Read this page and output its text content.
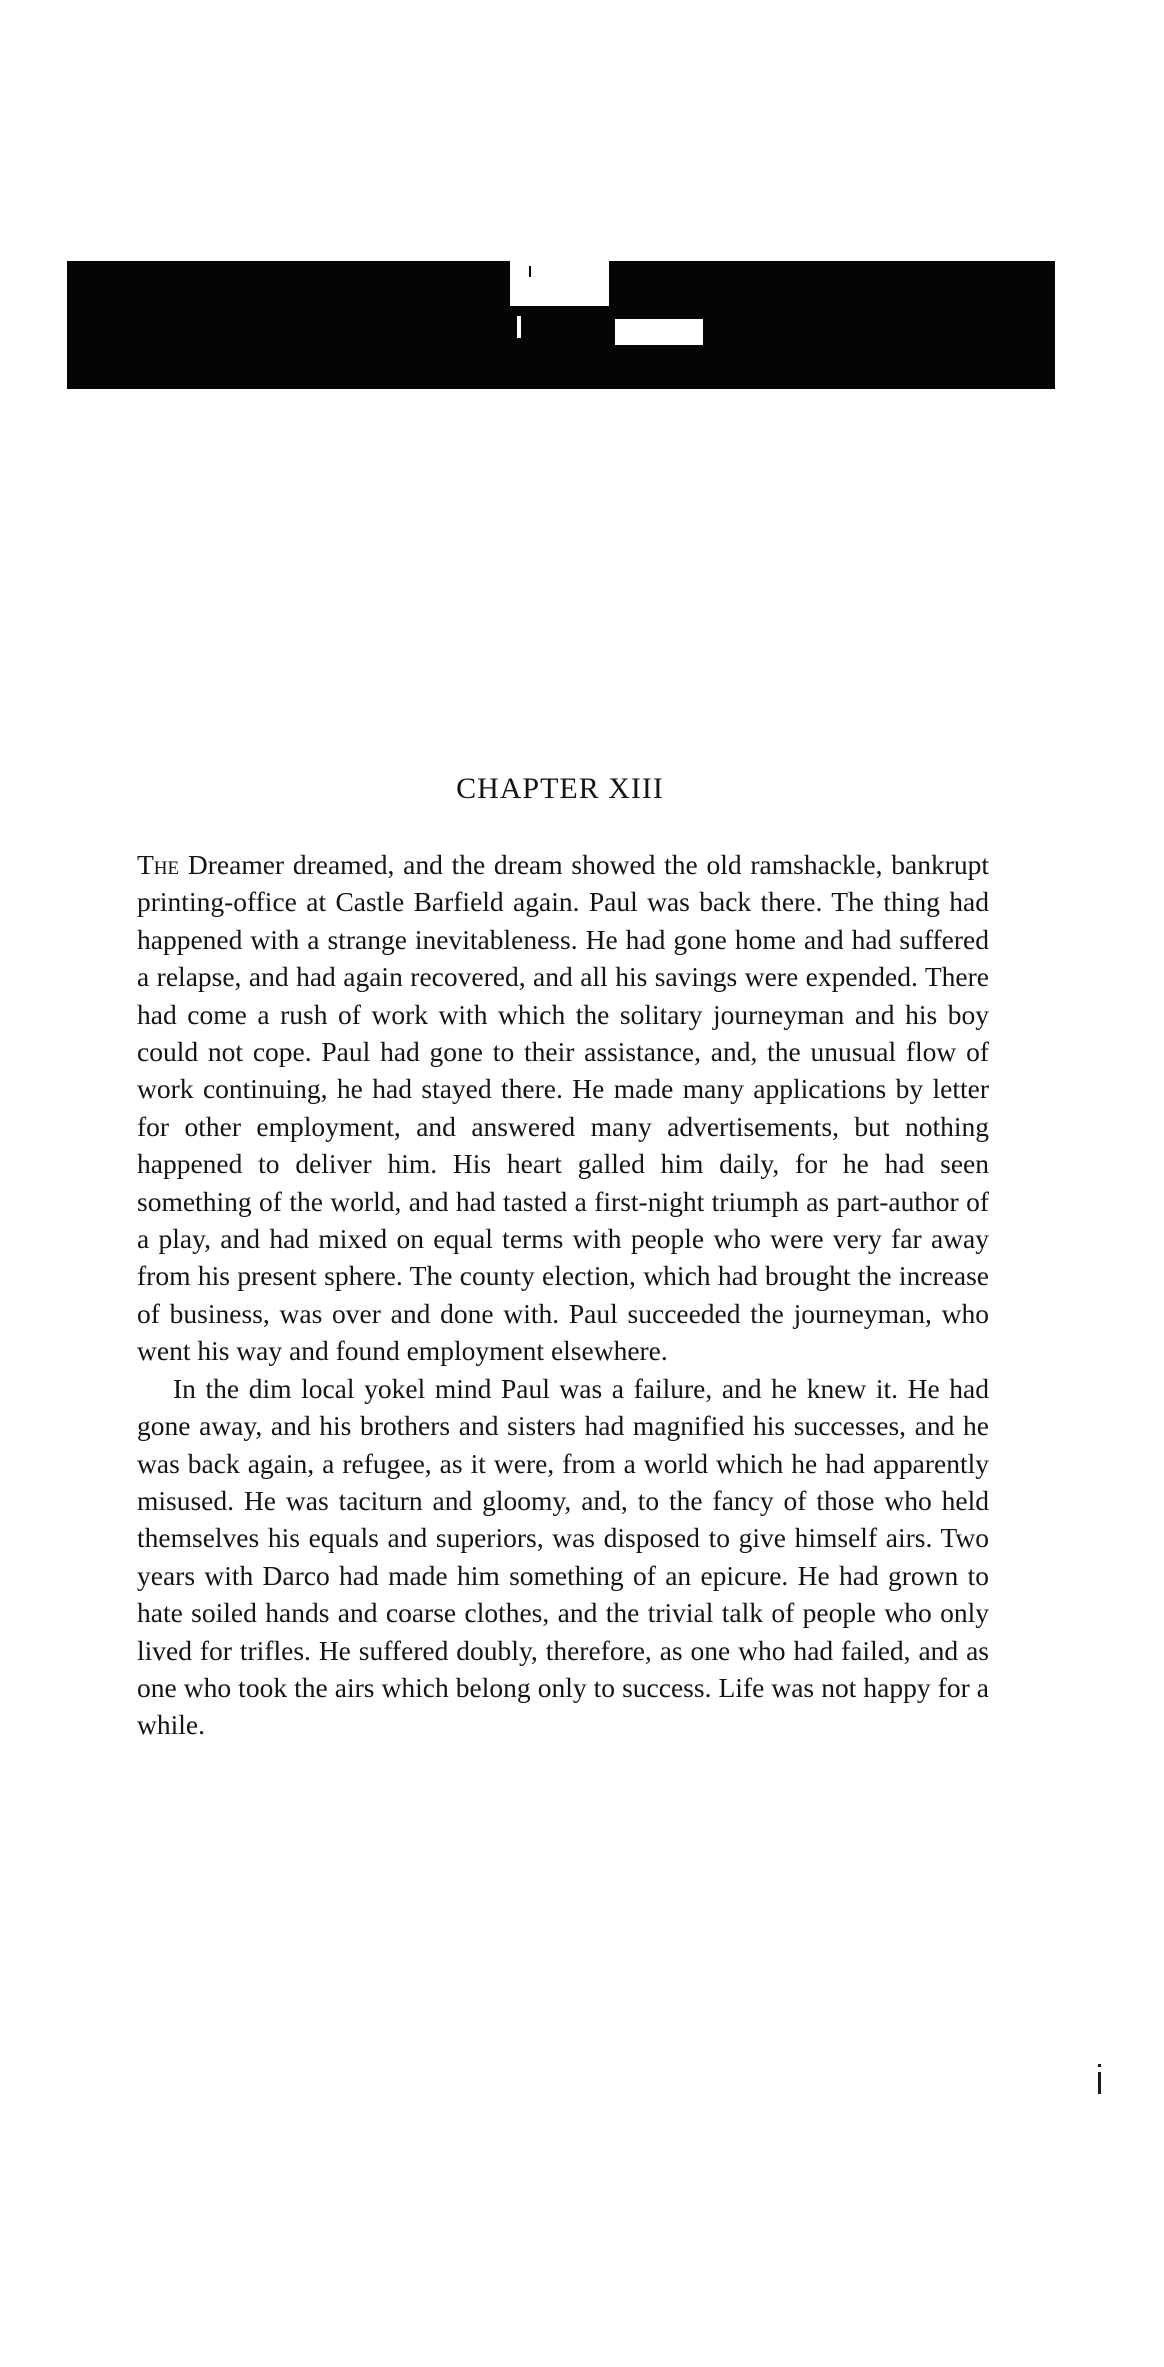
CHAPTER XIII

The Dreamer dreamed, and the dream showed the old ramshackle, bankrupt printing-office at Castle Barfield again. Paul was back there. The thing had happened with a strange inevitableness. He had gone home and had suffered a relapse, and had again recovered, and all his savings were expended. There had come a rush of work with which the solitary journeyman and his boy could not cope. Paul had gone to their assistance, and, the unusual flow of work continuing, he had stayed there. He made many applications by letter for other employment, and answered many advertisements, but nothing happened to deliver him. His heart galled him daily, for he had seen something of the world, and had tasted a first-night triumph as part-author of a play, and had mixed on equal terms with people who were very far away from his present sphere. The county election, which had brought the increase of business, was over and done with. Paul succeeded the journeyman, who went his way and found employment elsewhere.

In the dim local yokel mind Paul was a failure, and he knew it. He had gone away, and his brothers and sisters had magnified his successes, and he was back again, a refugee, as it were, from a world which he had apparently misused. He was taciturn and gloomy, and, to the fancy of those who held themselves his equals and superiors, was disposed to give himself airs. Two years with Darco had made him something of an epicure. He had grown to hate soiled hands and coarse clothes, and the trivial talk of people who only lived for trifles. He suffered doubly, therefore, as one who had failed, and as one who took the airs which belong only to success. Life was not happy for a while.
